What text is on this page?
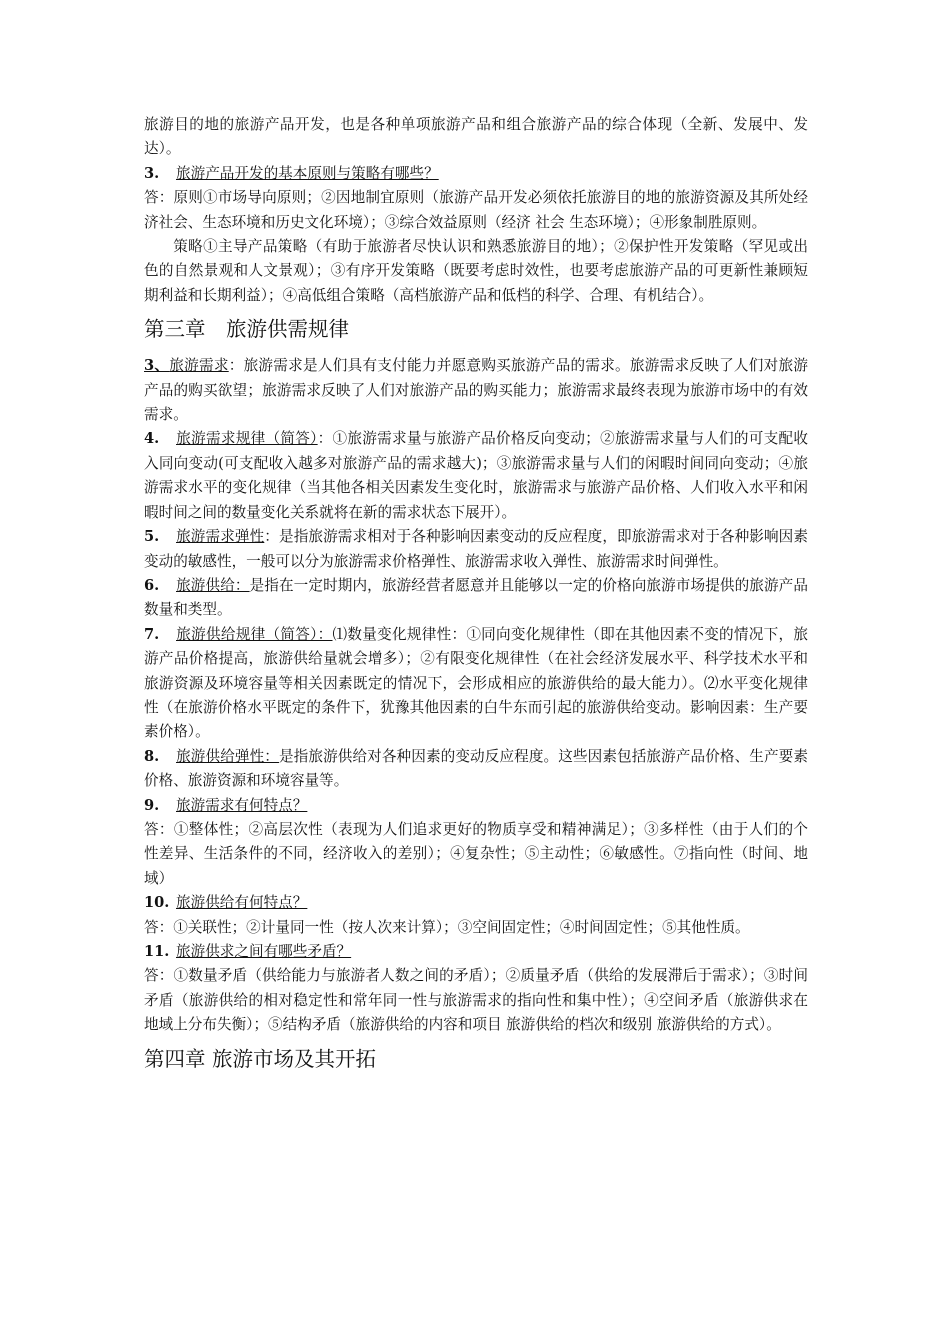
旅游目的地的旅游产品开发，也是各种单项旅游产品和组合旅游产品的综合体现（全新、发展中、发达）。

3. 旅游产品开发的基本原则与策略有哪些？

答：原则①市场导向原则；②因地制宜原则（旅游产品开发必须依托旅游目的地的旅游资源及其所处经济社会、生态环境和历史文化环境）；③综合效益原则（经济 社会 生态环境）；④形象制胜原则。

策略①主导产品策略（有助于旅游者尽快认识和熟悉旅游目的地）；②保护性开发策略（罕见或出色的自然景观和人文景观）；③有序开发策略（既要考虑时效性，也要考虑旅游产品的可更新性兼顾短期利益和长期利益）；④高低组合策略（高档旅游产品和低档的科学、合理、有机结合）。

第三章 旅游供需规律

3、旅游需求：旅游需求是人们具有支付能力并愿意购买旅游产品的需求。旅游需求反映了人们对旅游产品的购买欲望；旅游需求反映了人们对旅游产品的购买能力；旅游需求最终表现为旅游市场中的有效需求。

4. 旅游需求规律（简答）：①旅游需求量与旅游产品价格反向变动；②旅游需求量与人们的可支配收入同向变动(可支配收入越多对旅游产品的需求越大)；③旅游需求量与人们的闲暇时间同向变动；④旅游需求水平的变化规律（当其他各相关因素发生变化时，旅游需求与旅游产品价格、人们收入水平和闲暇时间之间的数量变化关系就将在新的需求状态下展开）。

5. 旅游需求弹性：是指旅游需求相对于各种影响因素变动的反应程度，即旅游需求对于各种影响因素变动的敏感性，一般可以分为旅游需求价格弹性、旅游需求收入弹性、旅游需求时间弹性。

6. 旅游供给：是指在一定时期内，旅游经营者愿意并且能够以一定的价格向旅游市场提供的旅游产品数量和类型。

7. 旅游供给规律（简答）：⑴数量变化规律性：①同向变化规律性（即在其他因素不变的情况下，旅游产品价格提高，旅游供给量就会增多）；②有限变化规律性（在社会经济发展水平、科学技术水平和旅游资源及环境容量等相关因素既定的情况下，会形成相应的旅游供给的最大能力）。⑵水平变化规律性（在旅游价格水平既定的条件下，犹豫其他因素的白牛东而引起的旅游供给变动。影响因素：生产要素价格）。

8. 旅游供给弹性：是指旅游供给对各种因素的变动反应程度。这些因素包括旅游产品价格、生产要素价格、旅游资源和环境容量等。

9. 旅游需求有何特点？

答：①整体性；②高层次性（表现为人们追求更好的物质享受和精神满足）；③多样性（由于人们的个性差异、生活条件的不同，经济收入的差别）；④复杂性；⑤主动性；⑥敏感性。⑦指向性（时间、地域）

10. 旅游供给有何特点？

答：①关联性；②计量同一性（按人次来计算）；③空间固定性；④时间固定性；⑤其他性质。

11. 旅游供求之间有哪些矛盾？

答：①数量矛盾（供给能力与旅游者人数之间的矛盾）；②质量矛盾（供给的发展滞后于需求）；③时间矛盾（旅游供给的相对稳定性和常年同一性与旅游需求的指向性和集中性）；④空间矛盾（旅游供求在地域上分布失衡）；⑤结构矛盾（旅游供给的内容和项目 旅游供给的档次和级别 旅游供给的方式）。

第四章 旅游市场及其开拓
